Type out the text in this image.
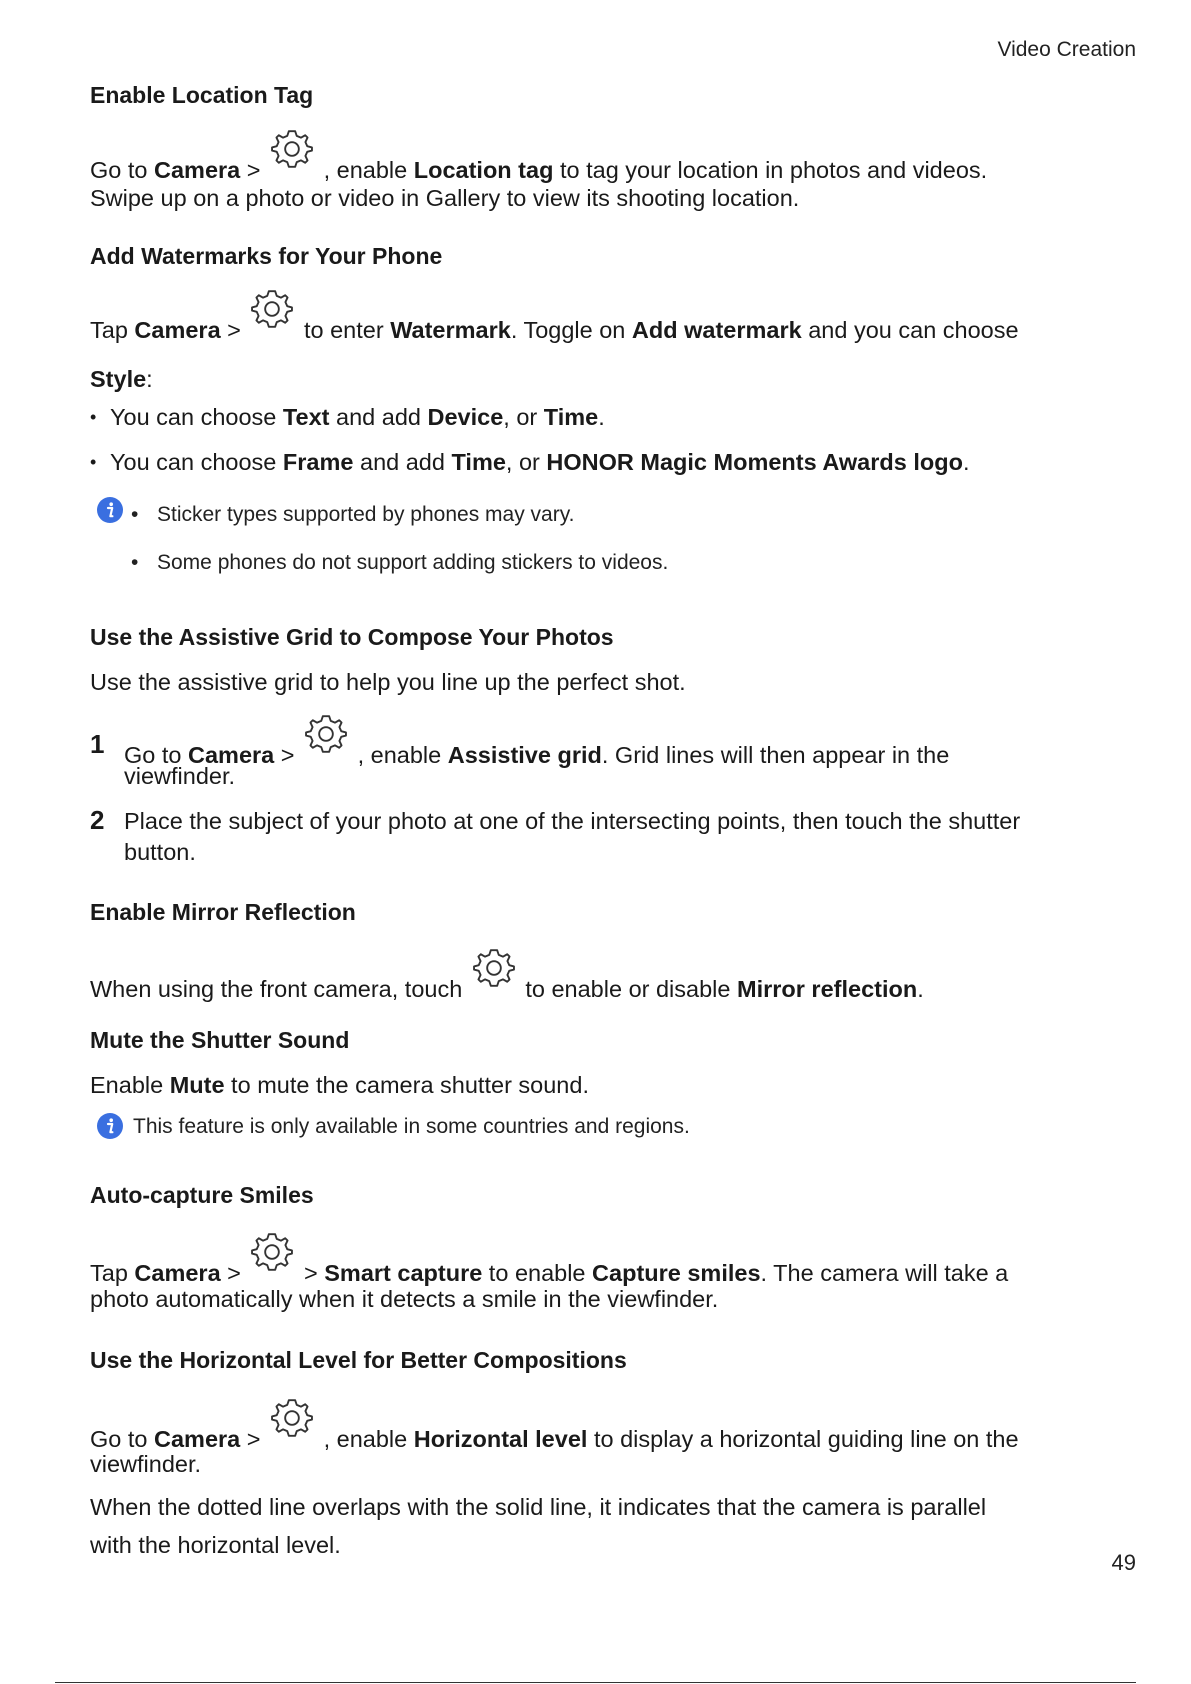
Video Creation
Enable Location Tag
Go to Camera >
, enable Location tag to tag your location in photos and videos.
Swipe up on a photo or video in Gallery to view its shooting location.
Add Watermarks for Your Phone
Tap Camera >
to enter Watermark. Toggle on Add watermark and you can choose
Style:
• You can choose Text and add Device, or Time.
• You can choose Frame and add Time, or HONOR Magic Moments Awards logo.
• Sticker types supported by phones may vary.
• Some phones do not support adding stickers to videos.
Use the Assistive Grid to Compose Your Photos
Use the assistive grid to help you line up the perfect shot.
1 Go to Camera >
, enable Assistive grid. Grid lines will then appear in the
viewfinder.
2 Place the subject of your photo at one of the intersecting points, then touch the shutter
button.
Enable Mirror Reflection
When using the front camera, touch
to enable or disable Mirror reflection.
Mute the Shutter Sound
Enable Mute to mute the camera shutter sound.
This feature is only available in some countries and regions.
Auto-capture Smiles
Tap Camera >
> Smart capture to enable Capture smiles. The camera will take a
photo automatically when it detects a smile in the viewfinder.
Use the Horizontal Level for Better Compositions
Go to Camera >
, enable Horizontal level to display a horizontal guiding line on the
viewfinder.
When the dotted line overlaps with the solid line, it indicates that the camera is parallel
with the horizontal level.
49
